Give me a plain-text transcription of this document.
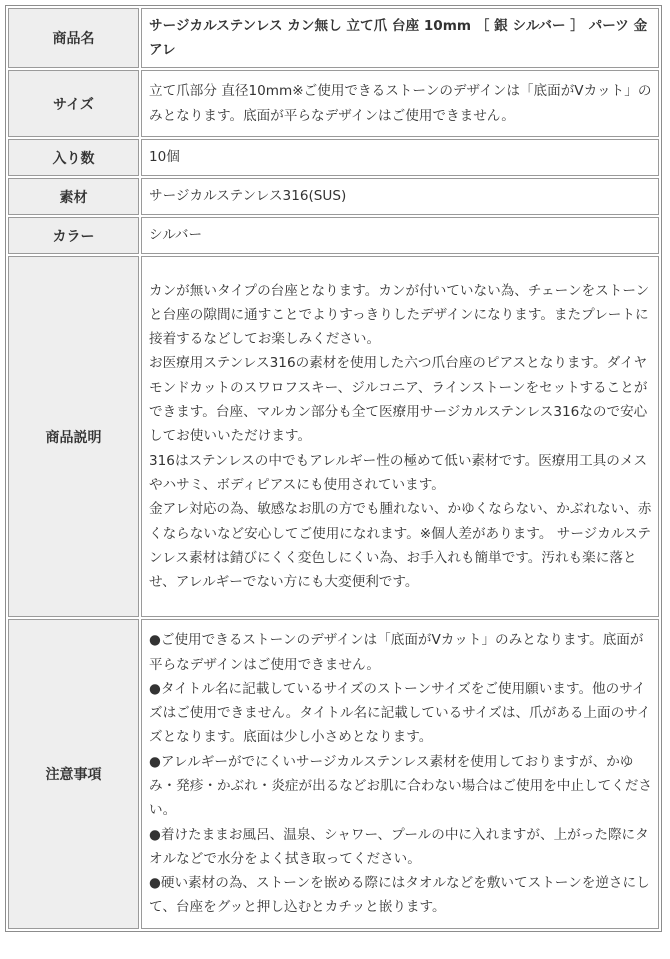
商品名	サージカルステンレス カン無し 立て爪 台座 10mm ［ 銀 シルバー ］ パーツ 金アレ
サイズ	立て爪部分 直径10mm※ご使用できるストーンのデザインは「底面がVカット」のみとなります。底面が平らなデザインはご使用できません。
入り数	10個
素材	サージカルステンレス316(SUS)
カラー	シルバー
商品説明	カンが無いタイプの台座となります。カンが付いていない為、チェーンをストーンと台座の隙間に通すことでよりすっきりしたデザインになります。またプレートに接着するなどしてお楽しみください。
お医療用ステンレス316の素材を使用した六つ爪台座のピアスとなります。ダイヤモンドカットのスワロフスキー、ジルコニア、ラインストーンをセットすることができます。台座、マルカン部分も全て医療用サージカルステンレス316なので安心してお使いいただけます。
316はステンレスの中でもアレルギー性の極めて低い素材です。医療用工具のメスやハサミ、ボディピアスにも使用されています。
金アレ対応の為、敏感なお肌の方でも腫れない、かゆくならない、かぶれない、赤くならないなど安心してご使用になれます。※個人差があります。 サージカルステンレス素材は錆びにくく変色しにくい為、お手入れも簡単です。汚れも楽に落とせ、アレルギーでない方にも大変便利です。

注意事項	●ご使用できるストーンのデザインは「底面がVカット」のみとなります。底面が平らなデザインはご使用できません。
●タイトル名に記載しているサイズのストーンサイズをご使用願います。他のサイズはご使用できません。タイトル名に記載しているサイズは、爪がある上面のサイズとなります。底面は少し小さめとなります。
●アレルギーがでにくいサージカルステンレス素材を使用しておりますが、かゆみ・発疹・かぶれ・炎症が出るなどお肌に合わない場合はご使用を中止してください。
●着けたままお風呂、温泉、シャワー、プールの中に入れますが、上がった際にタオルなどで水分をよく拭き取ってください。
●硬い素材の為、ストーンを嵌める際にはタオルなどを敷いてストーンを逆さにして、台座をグッと押し込むとカチッと嵌ります。
